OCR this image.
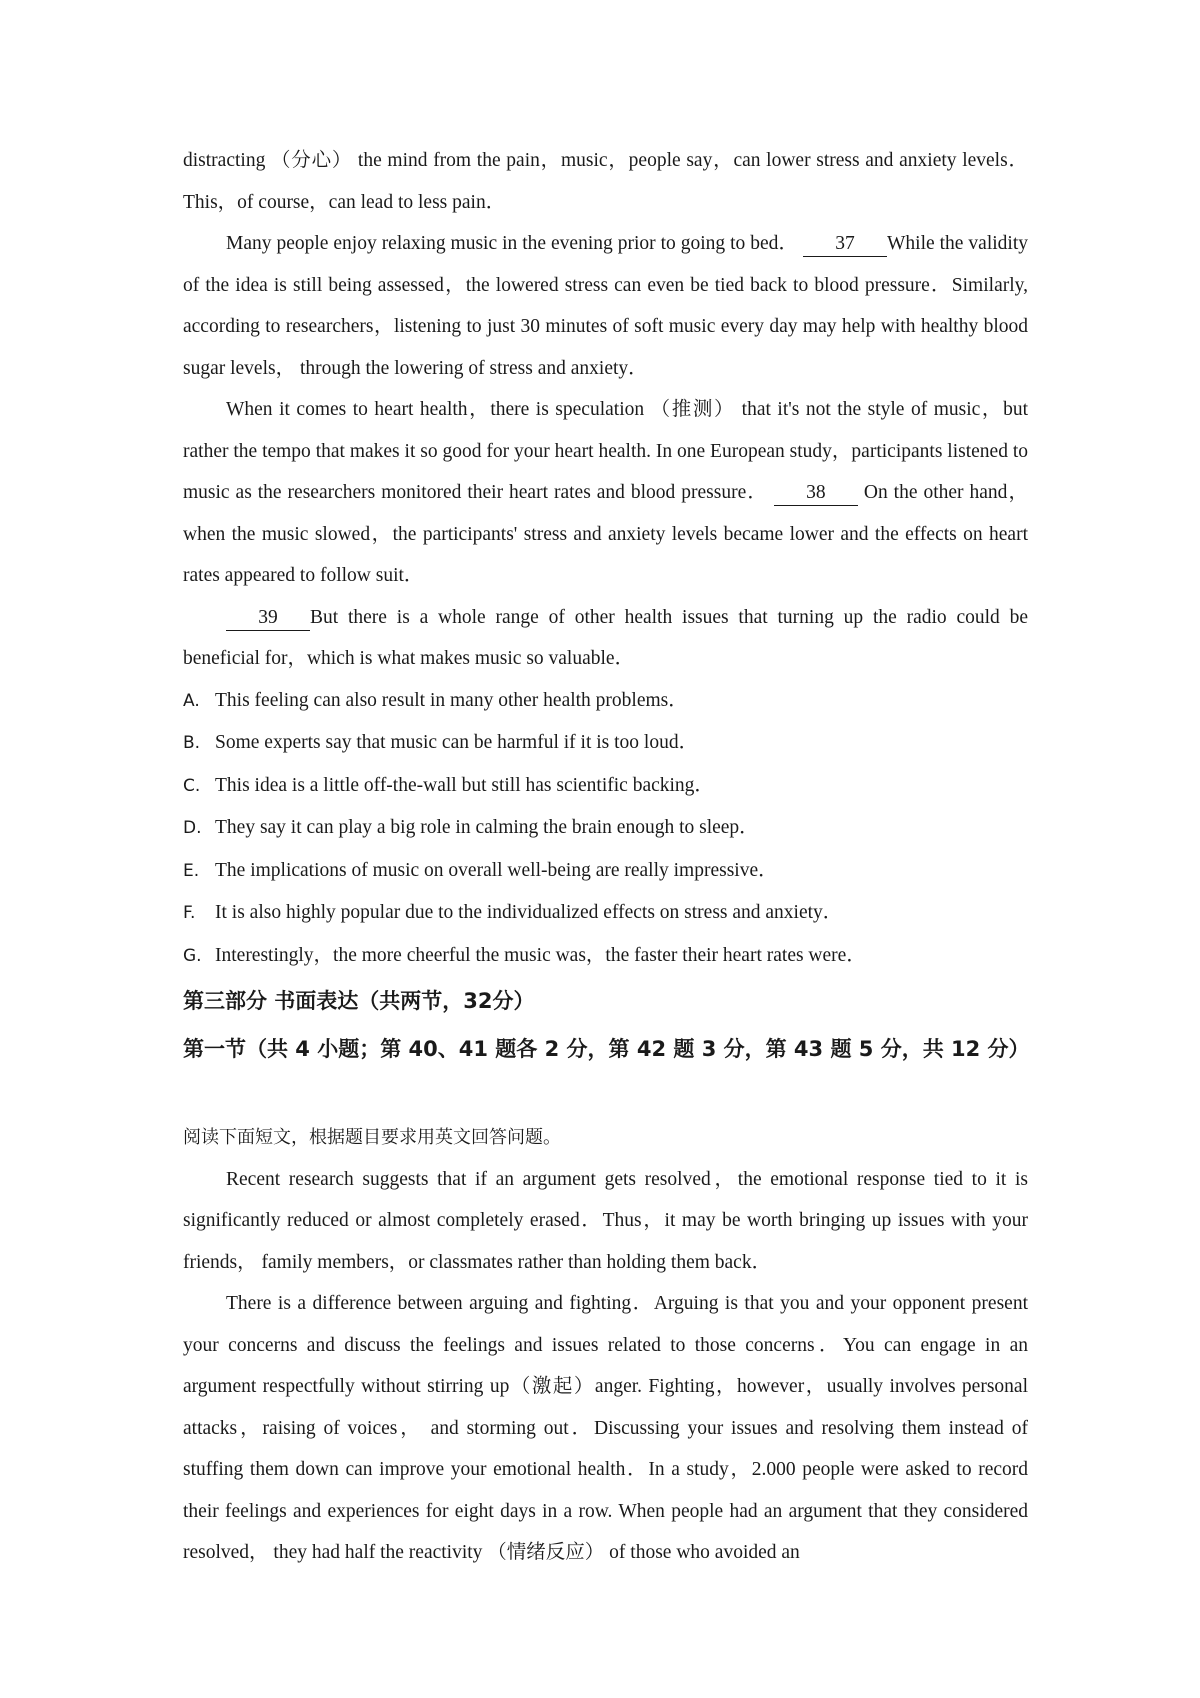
distracting （分心） the mind from the pain，music，people say，can lower stress and anxiety levels．This，of course，can lead to less pain．

Many people enjoy relaxing music in the evening prior to going to bed． 37 While the validity of the idea is still being assessed，the lowered stress can even be tied back to blood pressure．Similarly, according to researchers，listening to just 30 minutes of soft music every day may help with healthy blood sugar levels， through the lowering of stress and anxiety．

When it comes to heart health，there is speculation （推测） that it's not the style of music，but rather the tempo that makes it so good for your heart health. In one European study，participants listened to music as the researchers monitored their heart rates and blood pressure． 38 On the other hand，when the music slowed，the participants' stress and anxiety levels became lower and the effects on heart rates appeared to follow suit．

39 But there is a whole range of other health issues that turning up the radio could be beneficial for，which is what makes music so valuable．

A. This feeling can also result in many other health problems．

B. Some experts say that music can be harmful if it is too loud．

C. This idea is a little off-the-wall but still has scientific backing．

D. They say it can play a big role in calming the brain enough to sleep．

E. The implications of music on overall well-being are really impressive．

F. It is also highly popular due to the individualized effects on stress and anxiety．

G. Interestingly，the more cheerful the music was，the faster their heart rates were．

第三部分 书面表达（共两节，32分）

第一节（共 4 小题；第 40、41 题各 2 分，第 42 题 3 分，第 43 题 5 分，共 12 分）

阅读下面短文，根据题目要求用英文回答问题。

Recent research suggests that if an argument gets resolved，the emotional response tied to it is significantly reduced or almost completely erased．Thus，it may be worth bringing up issues with your friends， family members，or classmates rather than holding them back．

There is a difference between arguing and fighting．Arguing is that you and your opponent present your concerns and discuss the feelings and issues related to those concerns．You can engage in an argument respectfully without stirring up（激起）anger. Fighting，however，usually involves personal attacks，raising of voices， and storming out．Discussing your issues and resolving them instead of stuffing them down can improve your emotional health．In a study，2.000 people were asked to record their feelings and experiences for eight days in a row. When people had an argument that they considered resolved， they had half the reactivity （情绪反应） of those who avoided an
